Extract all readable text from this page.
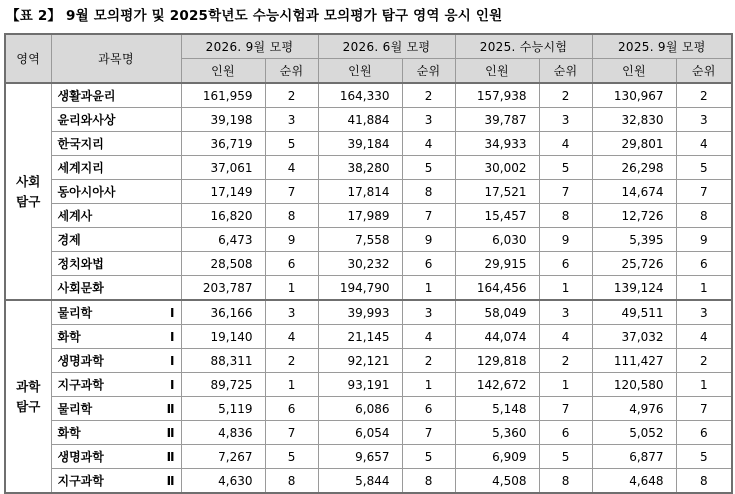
【표 2】 9월 모의평가 및 2025학년도 수능시험과 모의평가 탐구 영역 응시 인원
영역	과목명	2026. 9월 모평		2026. 6월 모평		2025. 수능시험		2025. 9월 모평	
		인원	순위	인원	순위	인원	순위	인원	순위

사회
탐구	생활과윤리	161,959	2	164,330	2	157,938	2	130,967	2

	윤리와사상	39,198	3	41,884	3	39,787	3	32,830	3

	한국지리	36,719	5	39,184	4	34,933	4	29,801	4

	세계지리	37,061	4	38,280	5	30,002	5	26,298	5

	동아시아사	17,149	7	17,814	8	17,521	7	14,674	7

	세계사	16,820	8	17,989	7	15,457	8	12,726	8

	경제	6,473	9	7,558	9	6,030	9	5,395	9

	정치와법	28,508	6	30,232	6	29,915	6	25,726	6

	사회문화	203,787	1	194,790	1	164,456	1	139,124	1

과학
탐구	물리학Ⅰ	36,166	3	39,993	3	58,049	3	49,511	3

	화학Ⅰ	19,140	4	21,145	4	44,074	4	37,032	4

	생명과학Ⅰ	88,311	2	92,121	2	129,818	2	111,427	2

	지구과학Ⅰ	89,725	1	93,191	1	142,672	1	120,580	1

	물리학Ⅱ	5,119	6	6,086	6	5,148	7	4,976	7

	화학Ⅱ	4,836	7	6,054	7	5,360	6	5,052	6

	생명과학Ⅱ	7,267	5	9,657	5	6,909	5	6,877	5

	지구과학Ⅱ	4,630	8	5,844	8	4,508	8	4,648	8
